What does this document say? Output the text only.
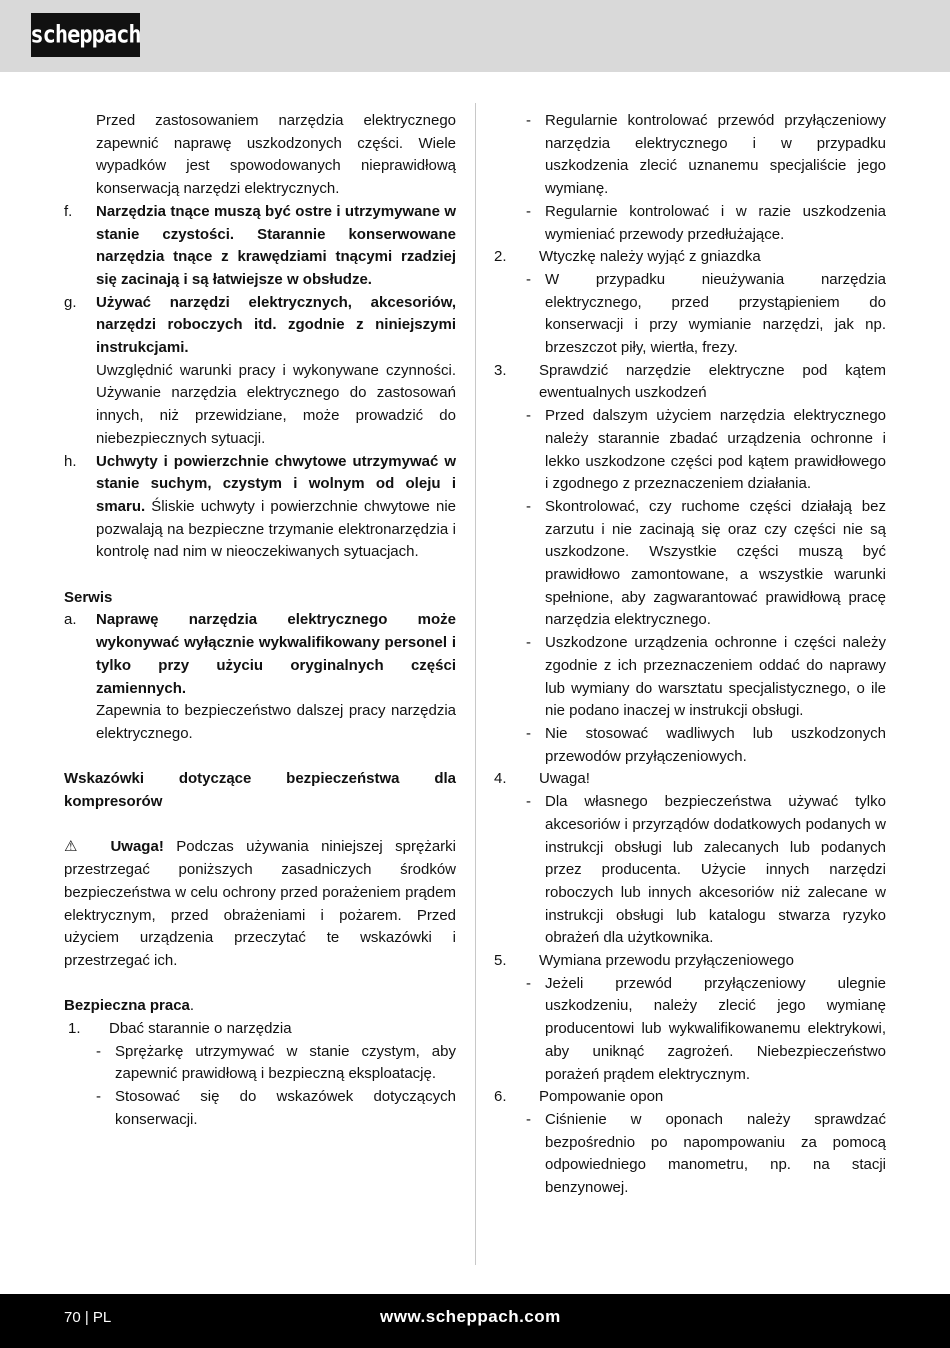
scheppach

Przed zastosowaniem narzędzia elektrycznego zapewnić naprawę uszkodzonych części. Wiele wypadków jest spowodowanych nieprawidłową konserwacją narzędzi elektrycznych.

f.	Narzędzia tnące muszą być ostre i utrzymywane w stanie czystości. Starannie konserwowane narzędzia tnące z krawędziami tnącymi rzadziej się zacinają i są łatwiejsze w obsłudze.
g.	Używać narzędzi elektrycznych, akcesoriów, narzędzi roboczych itd. zgodnie z niniejszymi instrukcjami.

Uwzględnić warunki pracy i wykonywane czynności. Używanie narzędzia elektrycznego do zastosowań innych, niż przewidziane, może prowadzić do niebezpiecznych sytuacji.

h.	Uchwyty i powierzchnie chwytowe utrzymywać w stanie suchym, czystym i wolnym od oleju i smaru. Śliskie uchwyty i powierzchnie chwytowe nie pozwalają na bezpieczne trzymanie elektronarzędzia i kontrolę nad nim w nieoczekiwanych sytuacjach.

Serwis

a.	Naprawę narzędzia elektrycznego może wykonywać wyłącznie wykwalifikowany personel i tylko przy użyciu oryginalnych części zamiennych.

Zapewnia to bezpieczeństwo dalszej pracy narzędzia elektrycznego.

Wskazówki dotyczące bezpieczeństwa dla kompresorów

⚠ Uwaga! Podczas używania niniejszej sprężarki przestrzegać poniższych zasadniczych środków bezpieczeństwa w celu ochrony przed porażeniem prądem elektrycznym, przed obrażeniami i pożarem. Przed użyciem urządzenia przeczytać te wskazówki i przestrzegać ich.

Bezpieczna praca.

1.	Dbać starannie o narzędzia
- Sprężarkę utrzymywać w stanie czystym, aby zapewnić prawidłową i bezpieczną eksploatację.
- Stosować się do wskazówek dotyczących konserwacji.
- Regularnie kontrolować przewód przyłączeniowy narzędzia elektrycznego i w przypadku uszkodzenia zlecić uznanemu specjaliście jego wymianę.
- Regularnie kontrolować i w razie uszkodzenia wymieniać przewody przedłużające.
2.	Wtyczkę należy wyjąć z gniazdka
- W przypadku nieużywania narzędzia elektrycznego, przed przystąpieniem do konserwacji i przy wymianie narzędzi, jak np. brzeszczot piły, wiertła, frezy.
3.	Sprawdzić narzędzie elektryczne pod kątem ewentualnych uszkodzeń
- Przed dalszym użyciem narzędzia elektrycznego należy starannie zbadać urządzenia ochronne i lekko uszkodzone części pod kątem prawidłowego i zgodnego z przeznaczeniem działania.
- Skontrolować, czy ruchome części działają bez zarzutu i nie zacinają się oraz czy części nie są uszkodzone. Wszystkie części muszą być prawidłowo zamontowane, a wszystkie warunki spełnione, aby zagwarantować prawidłową pracę narzędzia elektrycznego.
- Uszkodzone urządzenia ochronne i części należy zgodnie z ich przeznaczeniem oddać do naprawy lub wymiany do warsztatu specjalistycznego, o ile nie podano inaczej w instrukcji obsługi.
- Nie stosować wadliwych lub uszkodzonych przewodów przyłączeniowych.
4.	Uwaga!
- Dla własnego bezpieczeństwa używać tylko akcesoriów i przyrządów dodatkowych podanych w instrukcji obsługi lub zalecanych lub podanych przez producenta. Użycie innych narzędzi roboczych lub innych akcesoriów niż zalecane w instrukcji obsługi lub katalogu stwarza ryzyko obrażeń dla użytkownika.
5.	Wymiana przewodu przyłączeniowego
- Jeżeli przewód przyłączeniowy ulegnie uszkodzeniu, należy zlecić jego wymianę producentowi lub wykwalifikowanemu elektrykowi, aby uniknąć zagrożeń. Niebezpieczeństwo porażeń prądem elektrycznym.
6.	Pompowanie opon
- Ciśnienie w oponach należy sprawdzać bezpośrednio po napompowaniu za pomocą odpowiedniego manometru, np. na stacji benzynowej.
70 | PL	www.scheppach.com
